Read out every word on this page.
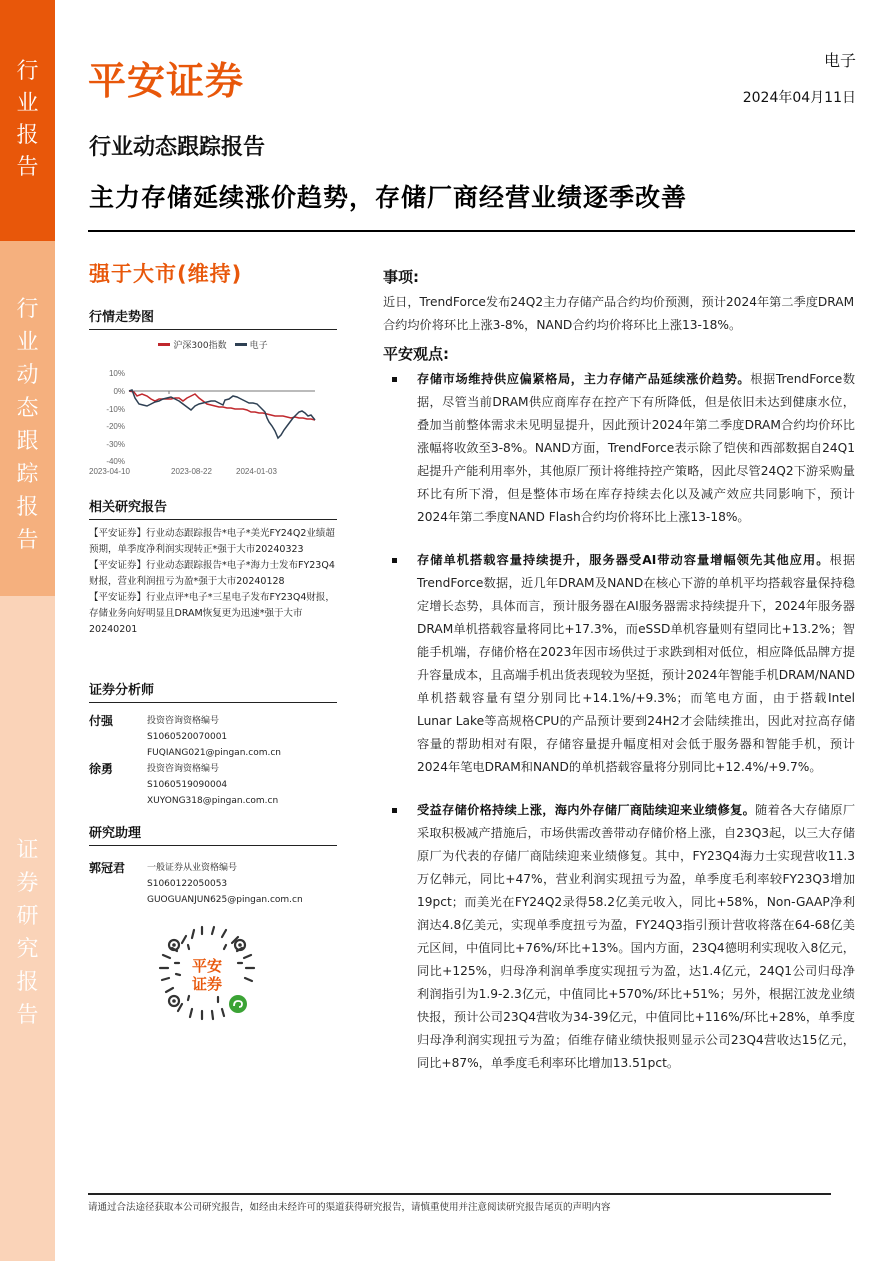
行
业
报
告
行
业
动
态
跟
踪
报
告
证
券
研
究
报
告
平安证券	电子
2024年04月11日
行业动态跟踪报告
主力存储延续涨价趋势，存储厂商经营业绩逐季改善
强于大市(维持)
行情走势图
沪深300指数	电子
10%
0%
-10%
-20%
-30%
-40%
2023-04-10	2023-08-22	2024-01-03
相关研究报告
【平安证券】行业动态跟踪报告*电子*美光FY24Q2业绩超预期，单季度净利润实现转正*强于大市20240323
【平安证券】行业动态跟踪报告*电子*海力士发布FY23Q4财报，营业利润扭亏为盈*强于大市20240128
【平安证券】行业点评*电子*三星电子发布FY23Q4财报，存储业务向好明显且DRAM恢复更为迅速*强于大市20240201
证券分析师
付强	投资咨询资格编号
S1060520070001
FUQIANG021@pingan.com.cn
徐勇	投资咨询资格编号
S1060519090004
XUYONG318@pingan.com.cn
研究助理
郭冠君	一般证券从业资格编号
S1060122050053
GUOGUANJUN625@pingan.com.cn
平安
证券
事项:
近日，TrendForce发布24Q2主力存储产品合约均价预测，预计2024年第二季度DRAM合约均价将环比上涨3-8%，NAND合约均价将环比上涨13-18%。
平安观点:
存储市场维持供应偏紧格局，主力存储产品延续涨价趋势。根据TrendForce数据，尽管当前DRAM供应商库存在控产下有所降低，但是依旧未达到健康水位，叠加当前整体需求未见明显提升，因此预计2024年第二季度DRAM合约均价环比涨幅将收敛至3-8%。NAND方面，TrendForce表示除了铠侠和西部数据自24Q1起提升产能利用率外，其他原厂预计将维持控产策略，因此尽管24Q2下游采购量环比有所下滑，但是整体市场在库存持续去化以及减产效应共同影响下，预计2024年第二季度NAND Flash合约均价将环比上涨13-18%。
存储单机搭载容量持续提升，服务器受AI带动容量增幅领先其他应用。根据TrendForce数据，近几年DRAM及NAND在核心下游的单机平均搭载容量保持稳定增长态势，具体而言，预计服务器在AI服务器需求持续提升下，2024年服务器DRAM单机搭载容量将同比+17.3%，而eSSD单机容量则有望同比+13.2%；智能手机端，存储价格在2023年因市场供过于求跌到相对低位，相应降低品牌方提升容量成本，且高端手机出货表现较为坚挺，预计2024年智能手机DRAM/NAND单机搭载容量有望分别同比+14.1%/+9.3%；而笔电方面，由于搭载Intel Lunar Lake等高规格CPU的产品预计要到24H2才会陆续推出，因此对拉高存储容量的帮助相对有限，存储容量提升幅度相对会低于服务器和智能手机，预计2024年笔电DRAM和NAND的单机搭载容量将分别同比+12.4%/+9.7%。
受益存储价格持续上涨，海内外存储厂商陆续迎来业绩修复。随着各大存储原厂采取积极减产措施后，市场供需改善带动存储价格上涨，自23Q3起，以三大存储原厂为代表的存储厂商陆续迎来业绩修复。其中，FY23Q4海力士实现营收11.3万亿韩元，同比+47%，营业利润实现扭亏为盈，单季度毛利率较FY23Q3增加19pct；而美光在FY24Q2录得58.2亿美元收入，同比+58%，Non-GAAP净利润达4.8亿美元，实现单季度扭亏为盈，FY24Q3指引预计营收将落在64-68亿美元区间，中值同比+76%/环比+13%。国内方面，23Q4德明利实现收入8亿元，同比+125%，归母净利润单季度实现扭亏为盈，达1.4亿元，24Q1公司归母净利润指引为1.9-2.3亿元，中值同比+570%/环比+51%；另外，根据江波龙业绩快报，预计公司23Q4营收为34-39亿元，中值同比+116%/环比+28%，单季度归母净利润实现扭亏为盈；佰维存储业绩快报则显示公司23Q4营收达15亿元，同比+87%，单季度毛利率环比增加13.51pct。
请通过合法途径获取本公司研究报告，如经由未经许可的渠道获得研究报告，请慎重使用并注意阅读研究报告尾页的声明内容
